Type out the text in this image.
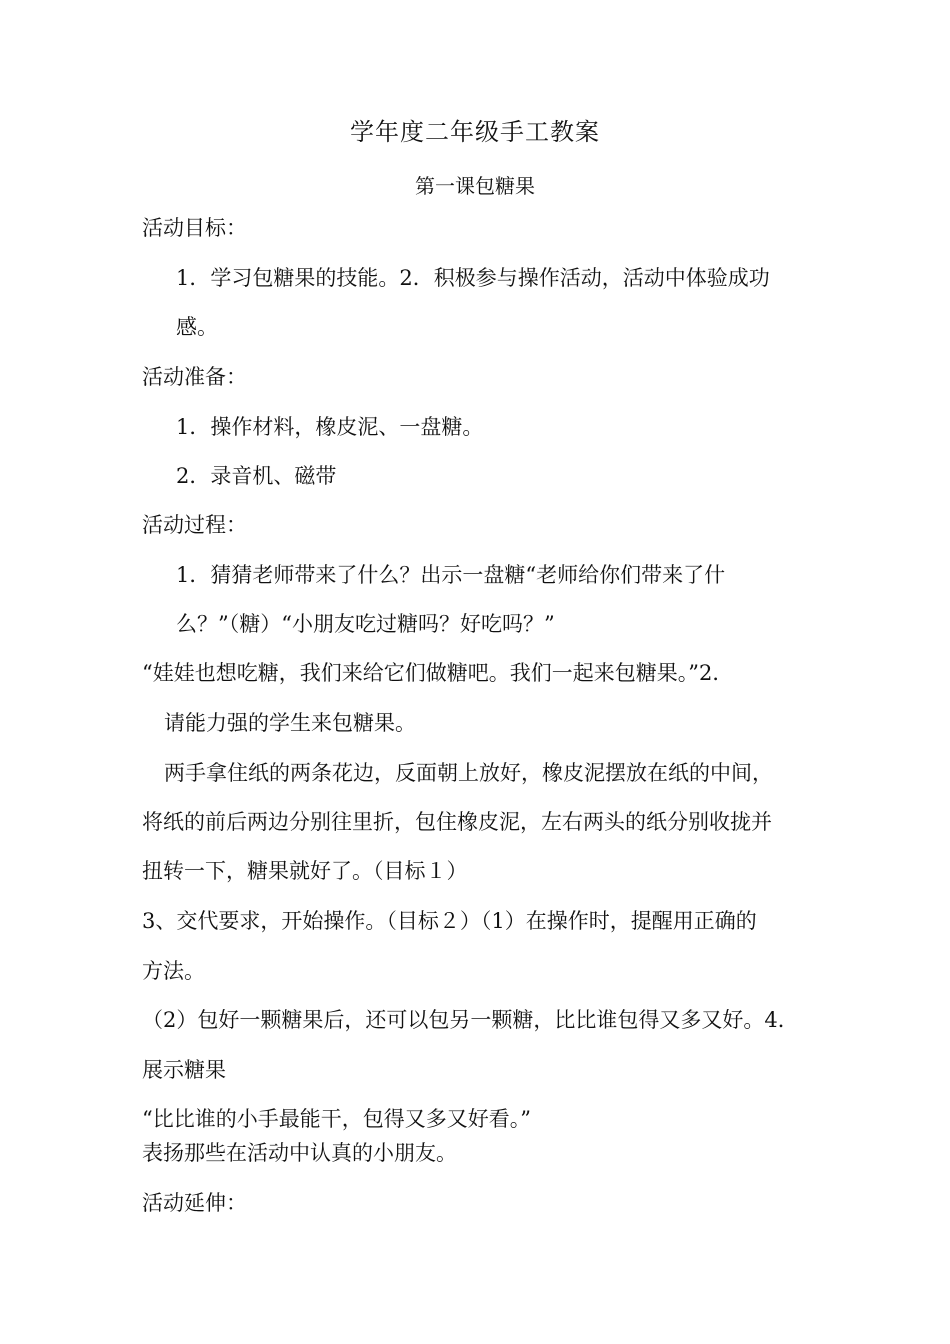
学年度二年级手工教案
第一课包糖果
活动目标：
1．学习包糖果的技能。2．积极参与操作活动，活动中体验成功
感。
活动准备：
1．操作材料，橡皮泥、一盘糖。
2．录音机、磁带
活动过程：
1．猜猜老师带来了什么？出示一盘糖“老师给你们带来了什
么？”（糖）“小朋友吃过糖吗？好吃吗？”
“娃娃也想吃糖，我们来给它们做糖吧。我们一起来包糖果。”2．
请能力强的学生来包糖果。
两手拿住纸的两条花边，反面朝上放好，橡皮泥摆放在纸的中间，
将纸的前后两边分别往里折，包住橡皮泥，左右两头的纸分别收拢并
扭转一下，糖果就好了。（目标１）
3、交代要求，开始操作。（目标２）（1）在操作时，提醒用正确的
方法。
（2）包好一颗糖果后，还可以包另一颗糖，比比谁包得又多又好。4．
展示糖果
“比比谁的小手最能干，包得又多又好看。”
表扬那些在活动中认真的小朋友。
活动延伸：
